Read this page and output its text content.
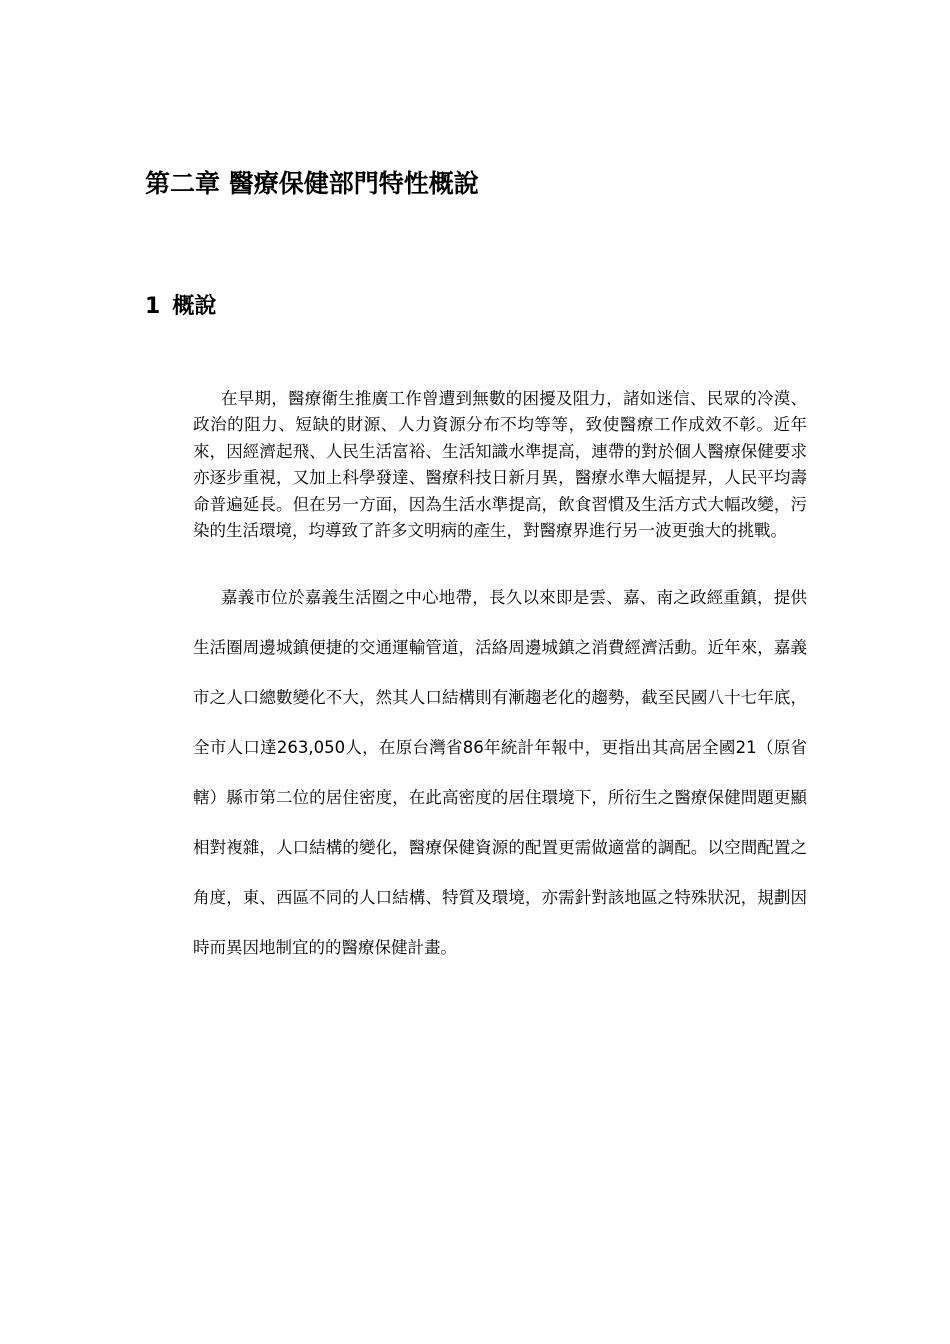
第二章 醫療保健部門特性概說
1 概說

在早期，醫療衛生推廣工作曾遭到無數的困擾及阻力，諸如迷信、民眾的冷漠、政治的阻力、短缺的財源、人力資源分布不均等等，致使醫療工作成效不彰。近年來，因經濟起飛、人民生活富裕、生活知識水準提高，連帶的對於個人醫療保健要求亦逐步重視，又加上科學發達、醫療科技日新月異，醫療水準大幅提昇，人民平均壽命普遍延長。但在另一方面，因為生活水準提高，飲食習慣及生活方式大幅改變，污染的生活環境，均導致了許多文明病的產生，對醫療界進行另一波更強大的挑戰。

嘉義市位於嘉義生活圈之中心地帶，長久以來即是雲、嘉、南之政經重鎮，提供生活圈周邊城鎮便捷的交通運輸管道，活絡周邊城鎮之消費經濟活動。近年來，嘉義市之人口總數變化不大，然其人口結構則有漸趨老化的趨勢，截至民國八十七年底，全市人口達263,050人，在原台灣省86年統計年報中，更指出其高居全國21（原省轄）縣市第二位的居住密度，在此高密度的居住環境下，所衍生之醫療保健問題更顯相對複雜，人口結構的變化，醫療保健資源的配置更需做適當的調配。以空間配置之角度，東、西區不同的人口結構、特質及環境，亦需針對該地區之特殊狀況，規劃因時而異因地制宜的的醫療保健計畫。
